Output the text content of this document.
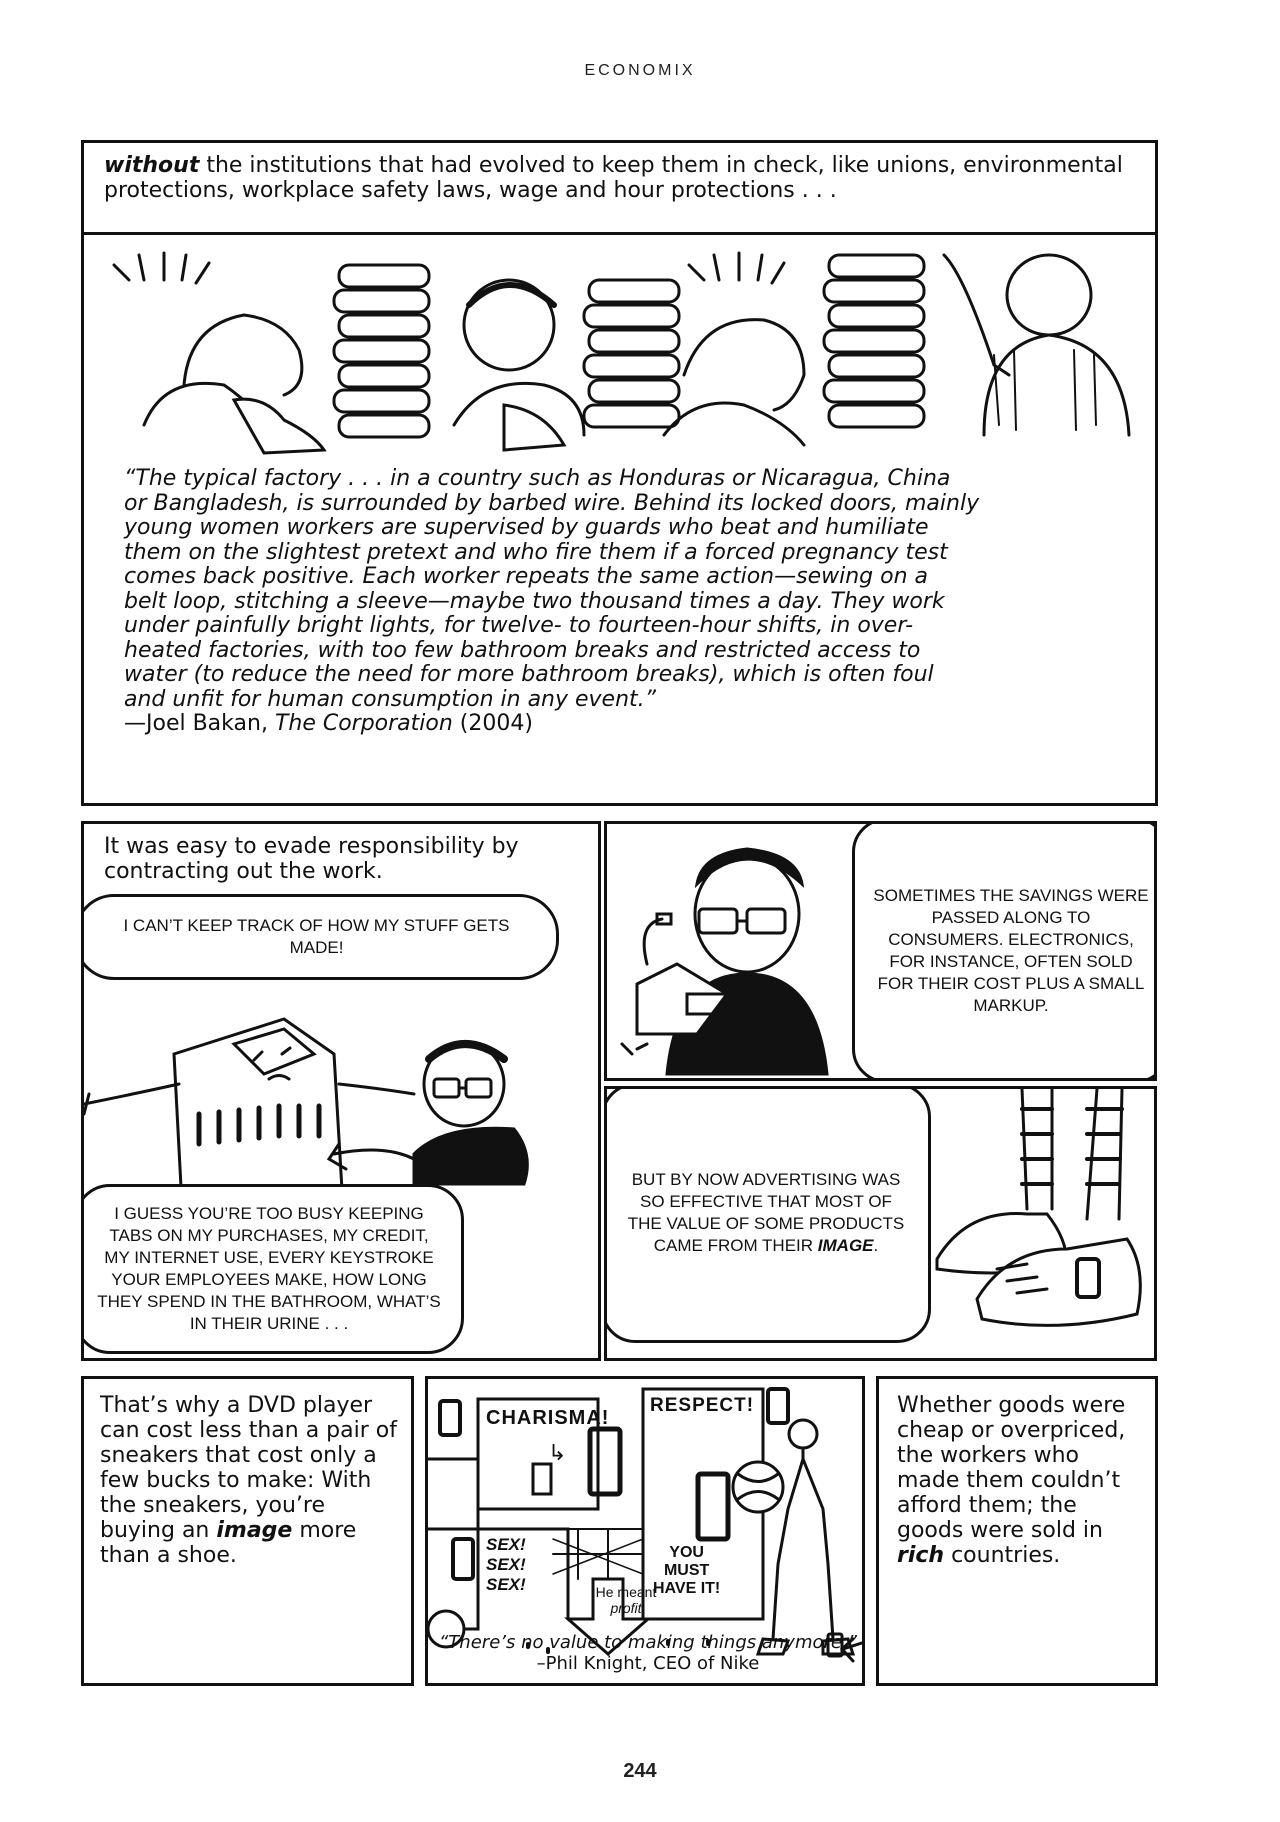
ECONOMIX
without the institutions that had evolved to keep them in check, like unions, environmental protections, workplace safety laws, wage and hour protections . . .
“The typical factory . . . in a country such as Honduras or Nicaragua, China
or Bangladesh, is surrounded by barbed wire. Behind its locked doors, mainly
young women workers are supervised by guards who beat and humiliate
them on the slightest pretext and who fire them if a forced pregnancy test
comes back positive. Each worker repeats the same action—sewing on a
belt loop, stitching a sleeve—maybe two thousand times a day. They work
under painfully bright lights, for twelve- to fourteen-hour shifts, in over-
heated factories, with too few bathroom breaks and restricted access to
water (to reduce the need for more bathroom breaks), which is often foul
and unfit for human consumption in any event.”
—Joel Bakan, The Corporation (2004)
It was easy to evade responsibility by contracting out the work.
I CAN’T KEEP TRACK OF HOW MY STUFF GETS MADE!
I GUESS YOU’RE TOO BUSY KEEPING TABS ON MY PURCHASES, MY CREDIT, MY INTERNET USE, EVERY KEYSTROKE YOUR EMPLOYEES MAKE, HOW LONG THEY SPEND IN THE BATHROOM, WHAT’S IN THEIR URINE . . .
SOMETIMES THE SAVINGS WERE PASSED ALONG TO CONSUMERS. ELECTRONICS, FOR INSTANCE, OFTEN SOLD FOR THEIR COST PLUS A SMALL MARKUP.
BUT BY NOW ADVERTISING WAS SO EFFECTIVE THAT MOST OF THE VALUE OF SOME PRODUCTS CAME FROM THEIR IMAGE.
That’s why a DVD player can cost less than a pair of sneakers that cost only a few bucks to make: With the sneakers, you’re buying an image more than a shoe.
CHARISMA!
↳
RESPECT!
SEX!
SEX!
SEX!
YOU
MUST
HAVE IT!
He meant
profit
“There’s no value to making things anymore.” –Phil Knight, CEO of Nike
Whether goods were cheap or overpriced, the workers who made them couldn’t afford them; the goods were sold in rich countries.
244
